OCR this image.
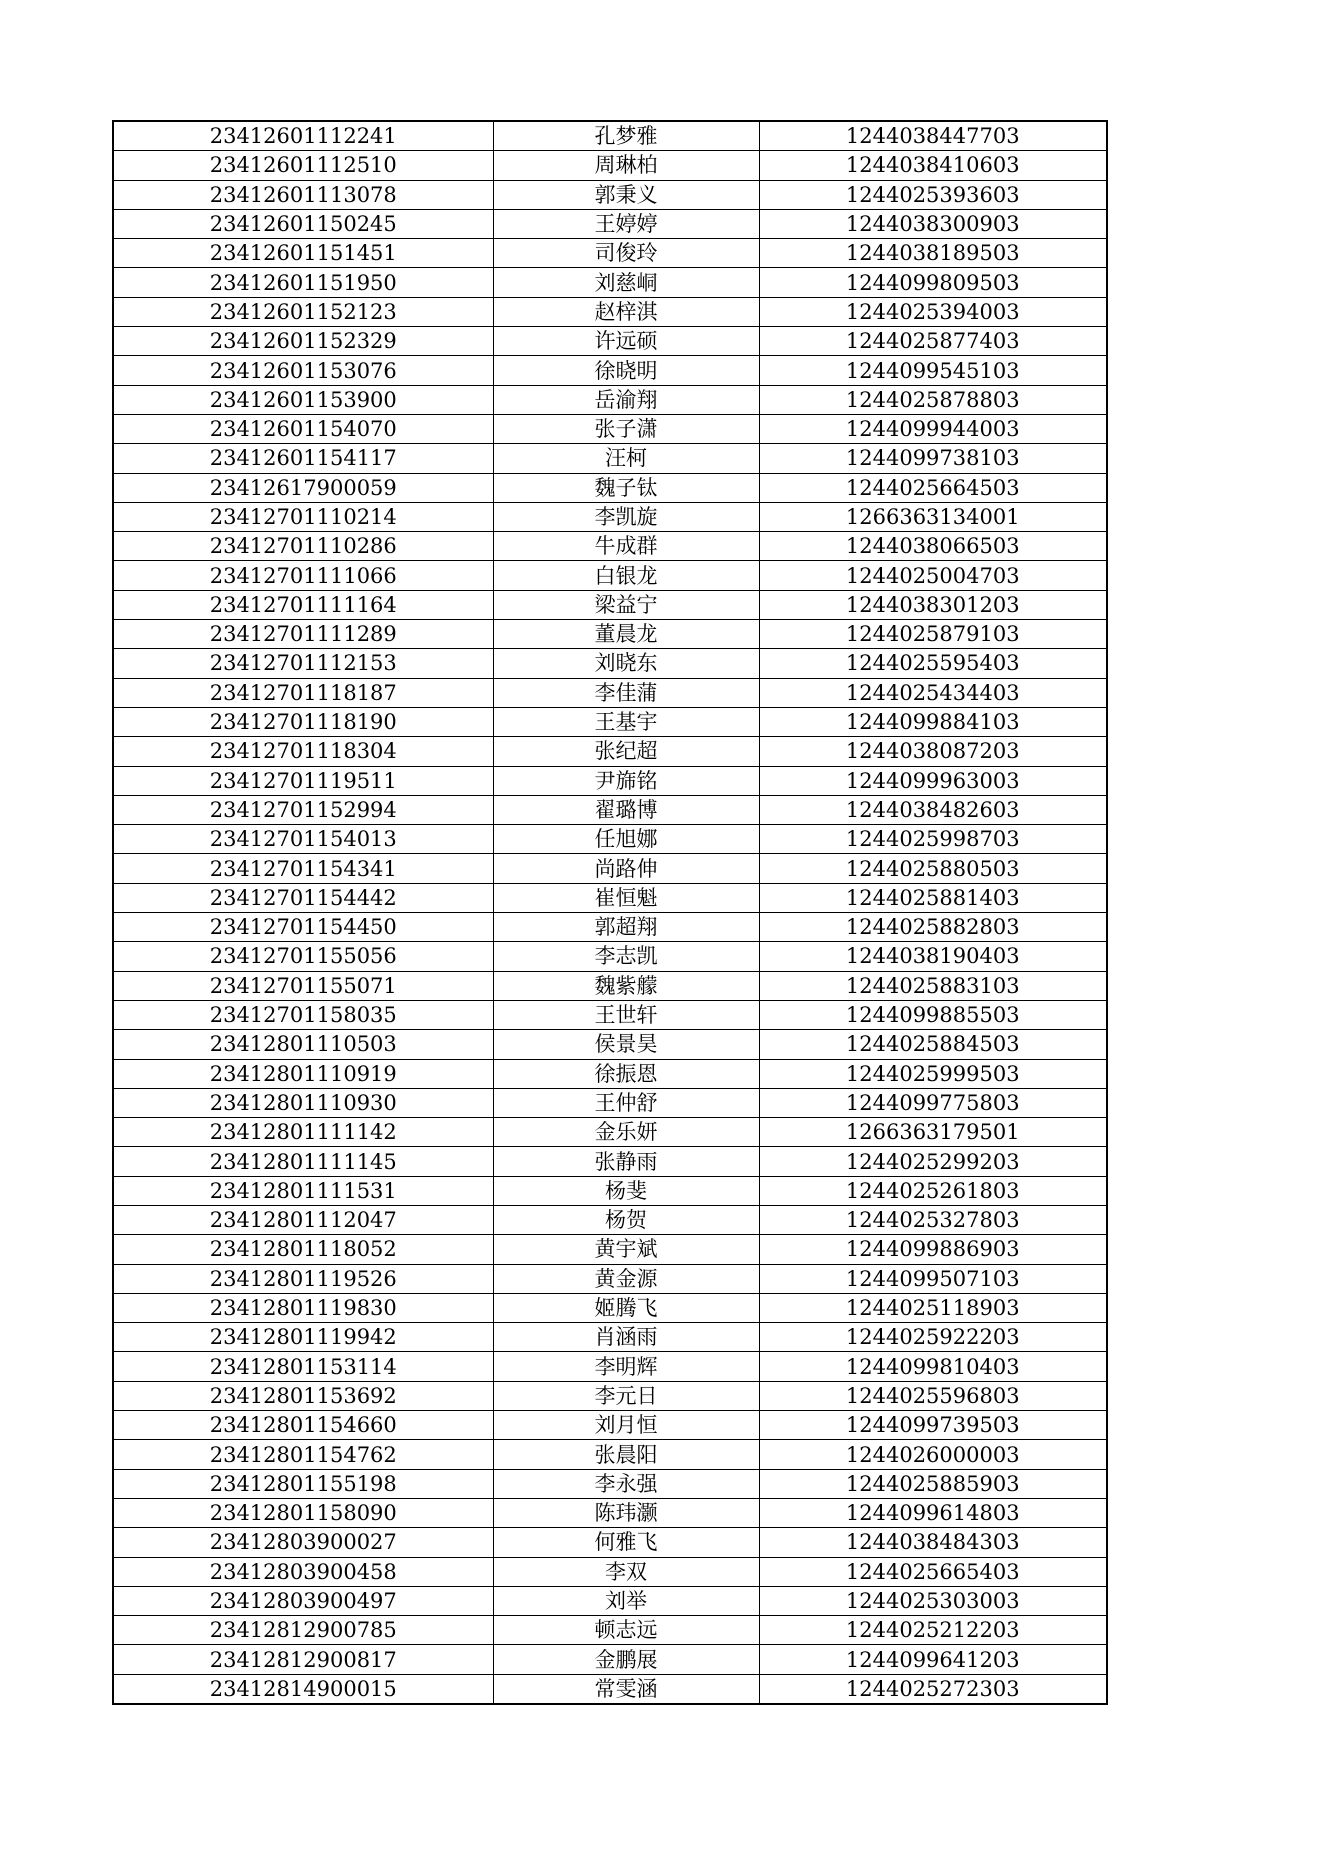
23412601112241	孔梦雅	1244038447703
23412601112510	周琳柏	1244038410603
23412601113078	郭秉义	1244025393603
23412601150245	王婷婷	1244038300903
23412601151451	司俊玲	1244038189503
23412601151950	刘慈峒	1244099809503
23412601152123	赵梓淇	1244025394003
23412601152329	许远硕	1244025877403
23412601153076	徐晓明	1244099545103
23412601153900	岳渝翔	1244025878803
23412601154070	张子潇	1244099944003
23412601154117	汪柯	1244099738103
23412617900059	魏子钛	1244025664503
23412701110214	李凯旋	1266363134001
23412701110286	牛成群	1244038066503
23412701111066	白银龙	1244025004703
23412701111164	梁益宁	1244038301203
23412701111289	董晨龙	1244025879103
23412701112153	刘晓东	1244025595403
23412701118187	李佳蒲	1244025434403
23412701118190	王基宇	1244099884103
23412701118304	张纪超	1244038087203
23412701119511	尹旆铭	1244099963003
23412701152994	翟璐博	1244038482603
23412701154013	任旭娜	1244025998703
23412701154341	尚路伸	1244025880503
23412701154442	崔恒魁	1244025881403
23412701154450	郭超翔	1244025882803
23412701155056	李志凯	1244038190403
23412701155071	魏紫艨	1244025883103
23412701158035	王世轩	1244099885503
23412801110503	侯景昊	1244025884503
23412801110919	徐振恩	1244025999503
23412801110930	王仲舒	1244099775803
23412801111142	金乐妍	1266363179501
23412801111145	张静雨	1244025299203
23412801111531	杨斐	1244025261803
23412801112047	杨贺	1244025327803
23412801118052	黄宇斌	1244099886903
23412801119526	黄金源	1244099507103
23412801119830	姬腾飞	1244025118903
23412801119942	肖涵雨	1244025922203
23412801153114	李明辉	1244099810403
23412801153692	李元日	1244025596803
23412801154660	刘月恒	1244099739503
23412801154762	张晨阳	1244026000003
23412801155198	李永强	1244025885903
23412801158090	陈玮灏	1244099614803
23412803900027	何雅飞	1244038484303
23412803900458	李双	1244025665403
23412803900497	刘举	1244025303003
23412812900785	顿志远	1244025212203
23412812900817	金鹏展	1244099641203
23412814900015	常雯涵	1244025272303
